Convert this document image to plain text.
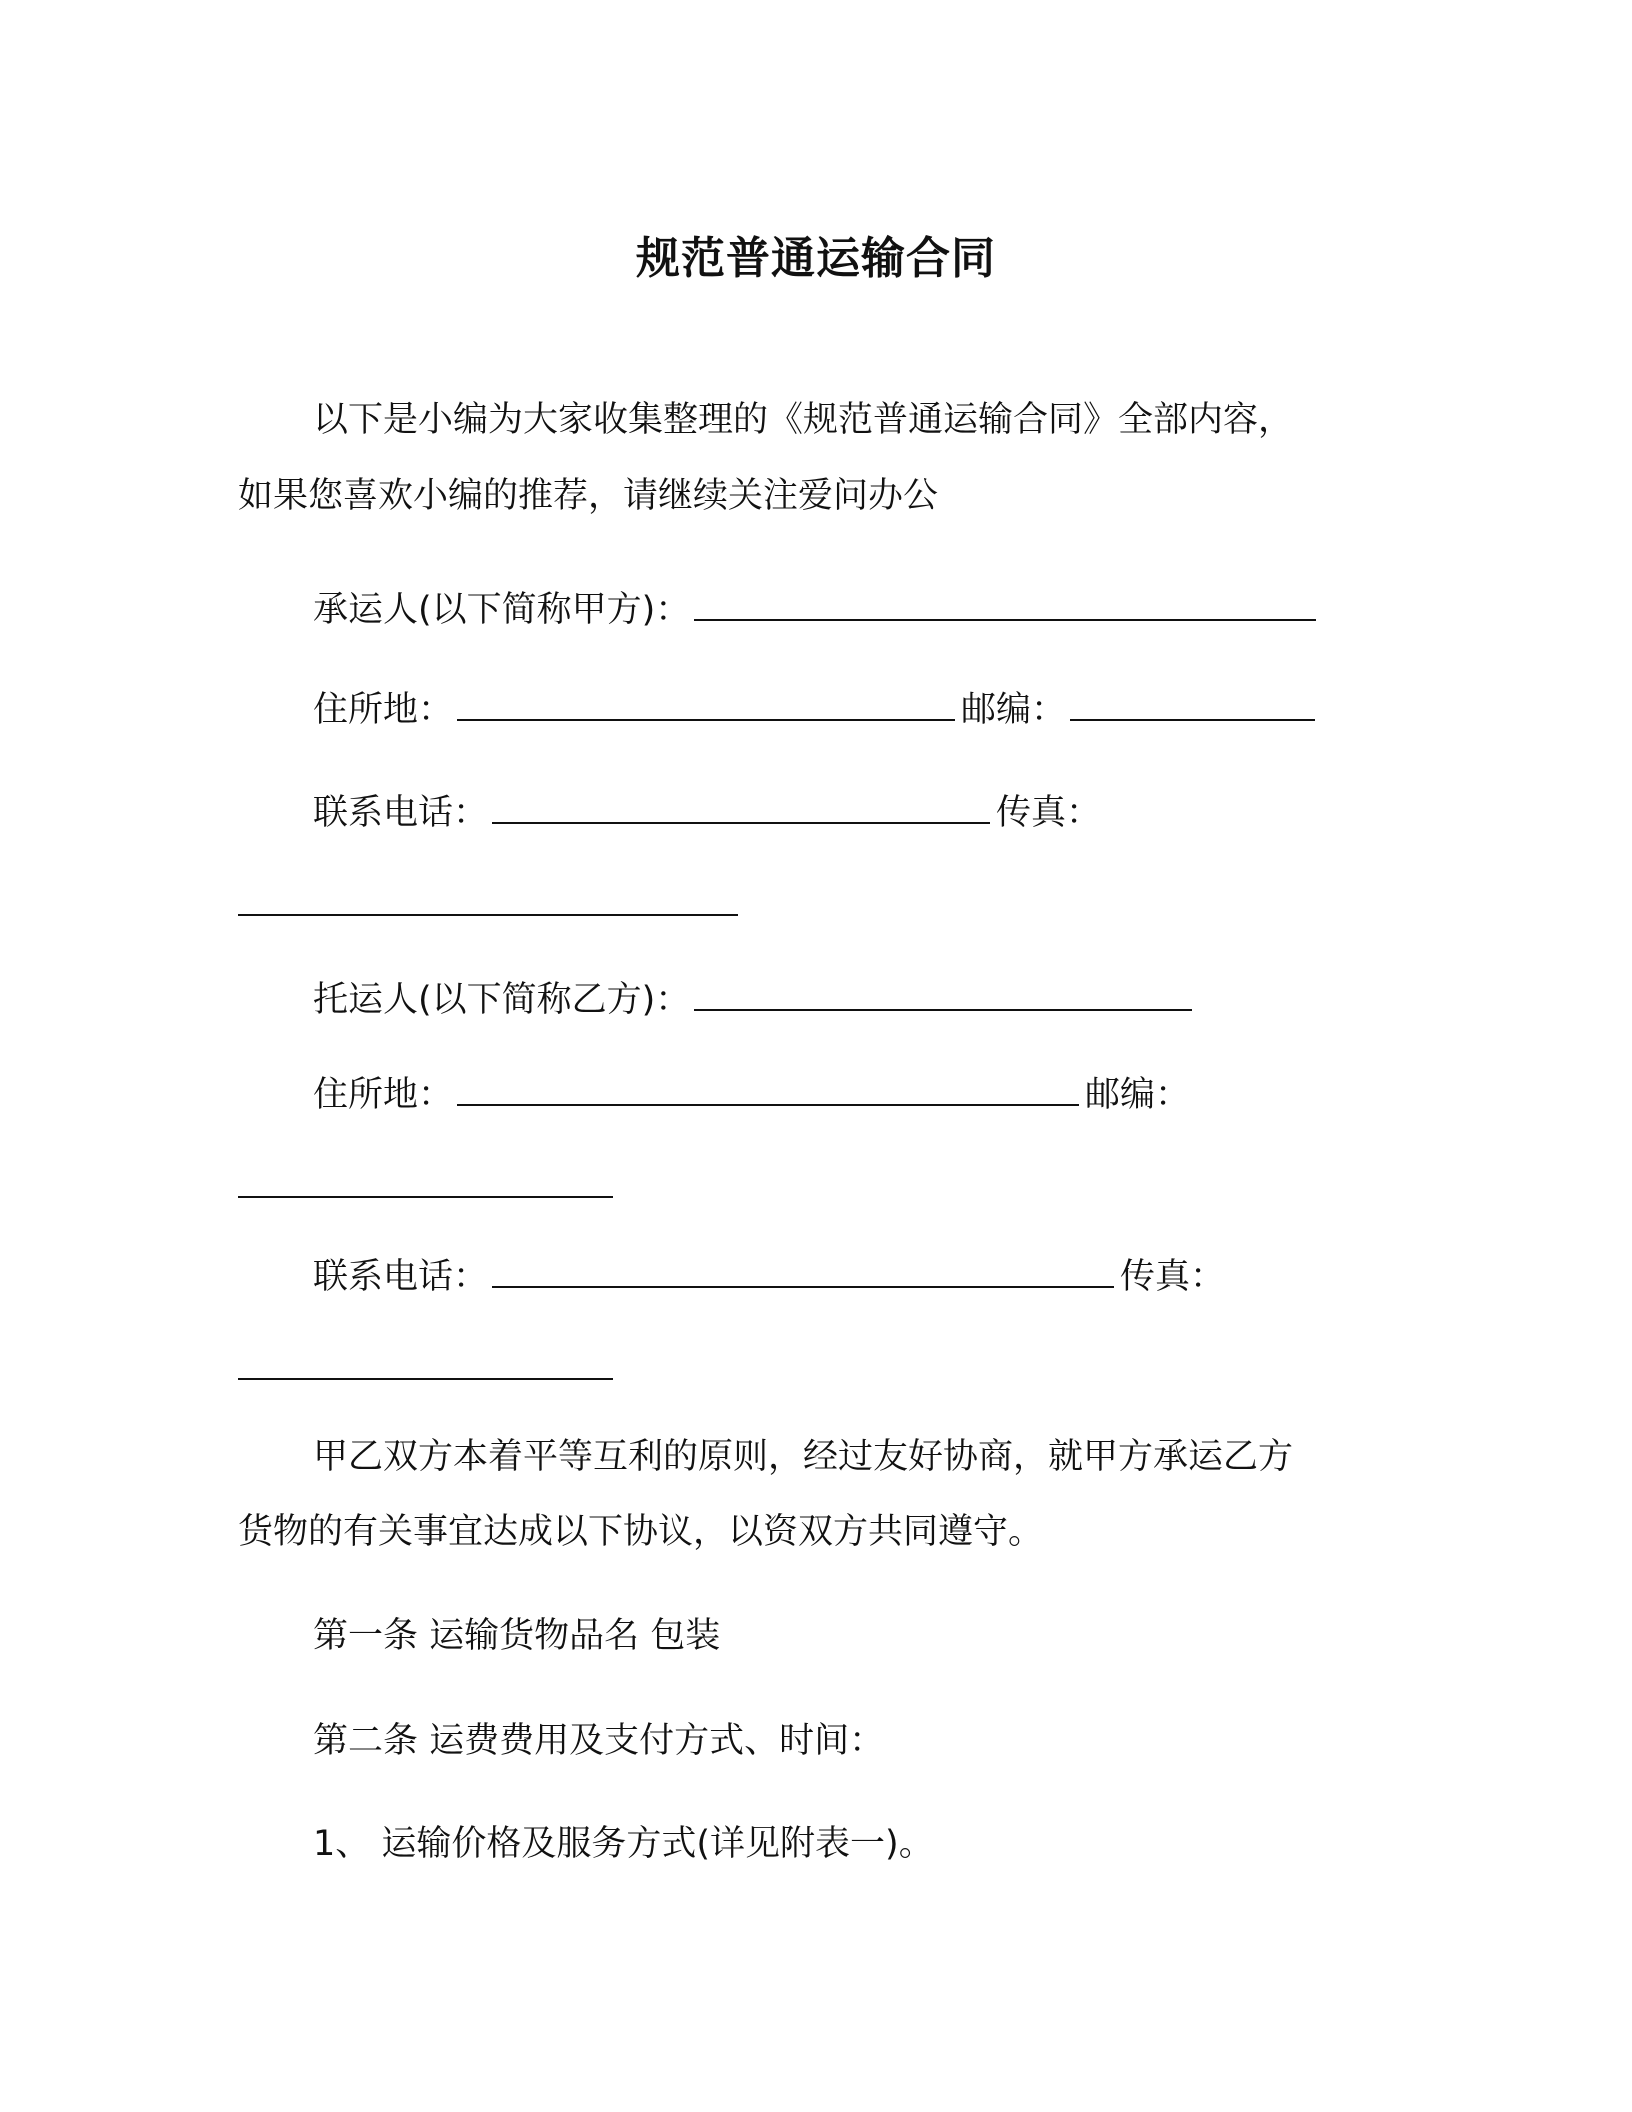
规范普通运输合同
以下是小编为大家收集整理的《规范普通运输合同》全部内容，
如果您喜欢小编的推荐，请继续关注爱问办公
承运人(以下简称甲方)：
住所地：	邮编：
联系电话：	传真：
托运人(以下简称乙方)：
住所地：	邮编：
联系电话：	传真：
甲乙双方本着平等互利的原则，经过友好协商，就甲方承运乙方
货物的有关事宜达成以下协议，以资双方共同遵守。
第一条 运输货物品名 包装
第二条 运费费用及支付方式、时间：
1、 运输价格及服务方式(详见附表一)。
